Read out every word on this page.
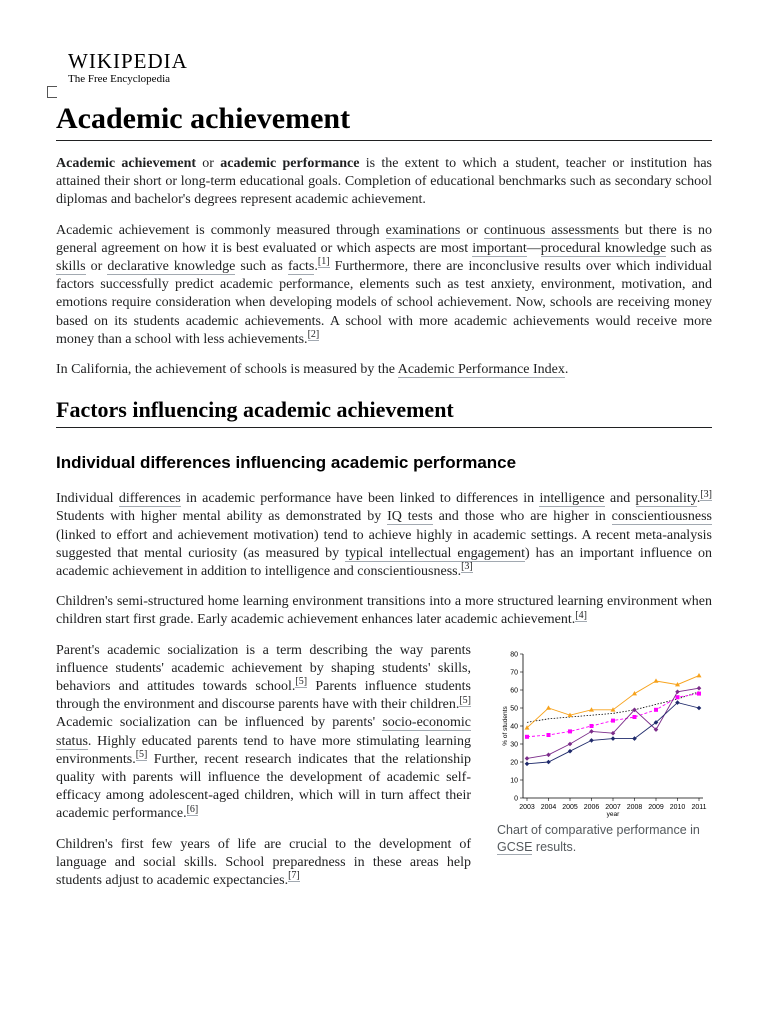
WIKIPEDIA
The Free Encyclopedia
Academic achievement

Academic achievement or academic performance is the extent to which a student, teacher or institution has attained their short or long-term educational goals. Completion of educational benchmarks such as secondary school diplomas and bachelor's degrees represent academic achievement.

Academic achievement is commonly measured through examinations or continuous assessments but there is no general agreement on how it is best evaluated or which aspects are most important—procedural knowledge such as skills or declarative knowledge such as facts.[1] Furthermore, there are inconclusive results over which individual factors successfully predict academic performance, elements such as test anxiety, environment, motivation, and emotions require consideration when developing models of school achievement. Now, schools are receiving money based on its students academic achievements. A school with more academic achievements would receive more money than a school with less achievements.[2]

In California, the achievement of schools is measured by the Academic Performance Index.

Factors influencing academic achievement
Individual differences influencing academic performance

Individual differences in academic performance have been linked to differences in intelligence and personality.[3] Students with higher mental ability as demonstrated by IQ tests and those who are higher in conscientiousness (linked to effort and achievement motivation) tend to achieve highly in academic settings. A recent meta-analysis suggested that mental curiosity (as measured by typical intellectual engagement) has an important influence on academic achievement in addition to intelligence and conscientiousness.[3]

Children's semi-structured home learning environment transitions into a more structured learning environment when children start first grade. Early academic achievement enhances later academic achievement.[4]

0
10
20
30
40
50
60
70
80
2003 2004 2005 2006 2007 2008 2009 2010 2011
year
% of students
Chart of comparative performance in GCSE results.

Parent's academic socialization is a term describing the way parents influence students' academic achievement by shaping students' skills, behaviors and attitudes towards school.[5] Parents influence students through the environment and discourse parents have with their children.[5] Academic socialization can be influenced by parents' socio-economic status. Highly educated parents tend to have more stimulating learning environments.[5] Further, recent research indicates that the relationship quality with parents will influence the development of academic self-efficacy among adolescent-aged children, which will in turn affect their academic performance.[6]

Children's first few years of life are crucial to the development of language and social skills. School preparedness in these areas help students adjust to academic expectancies.[7]
